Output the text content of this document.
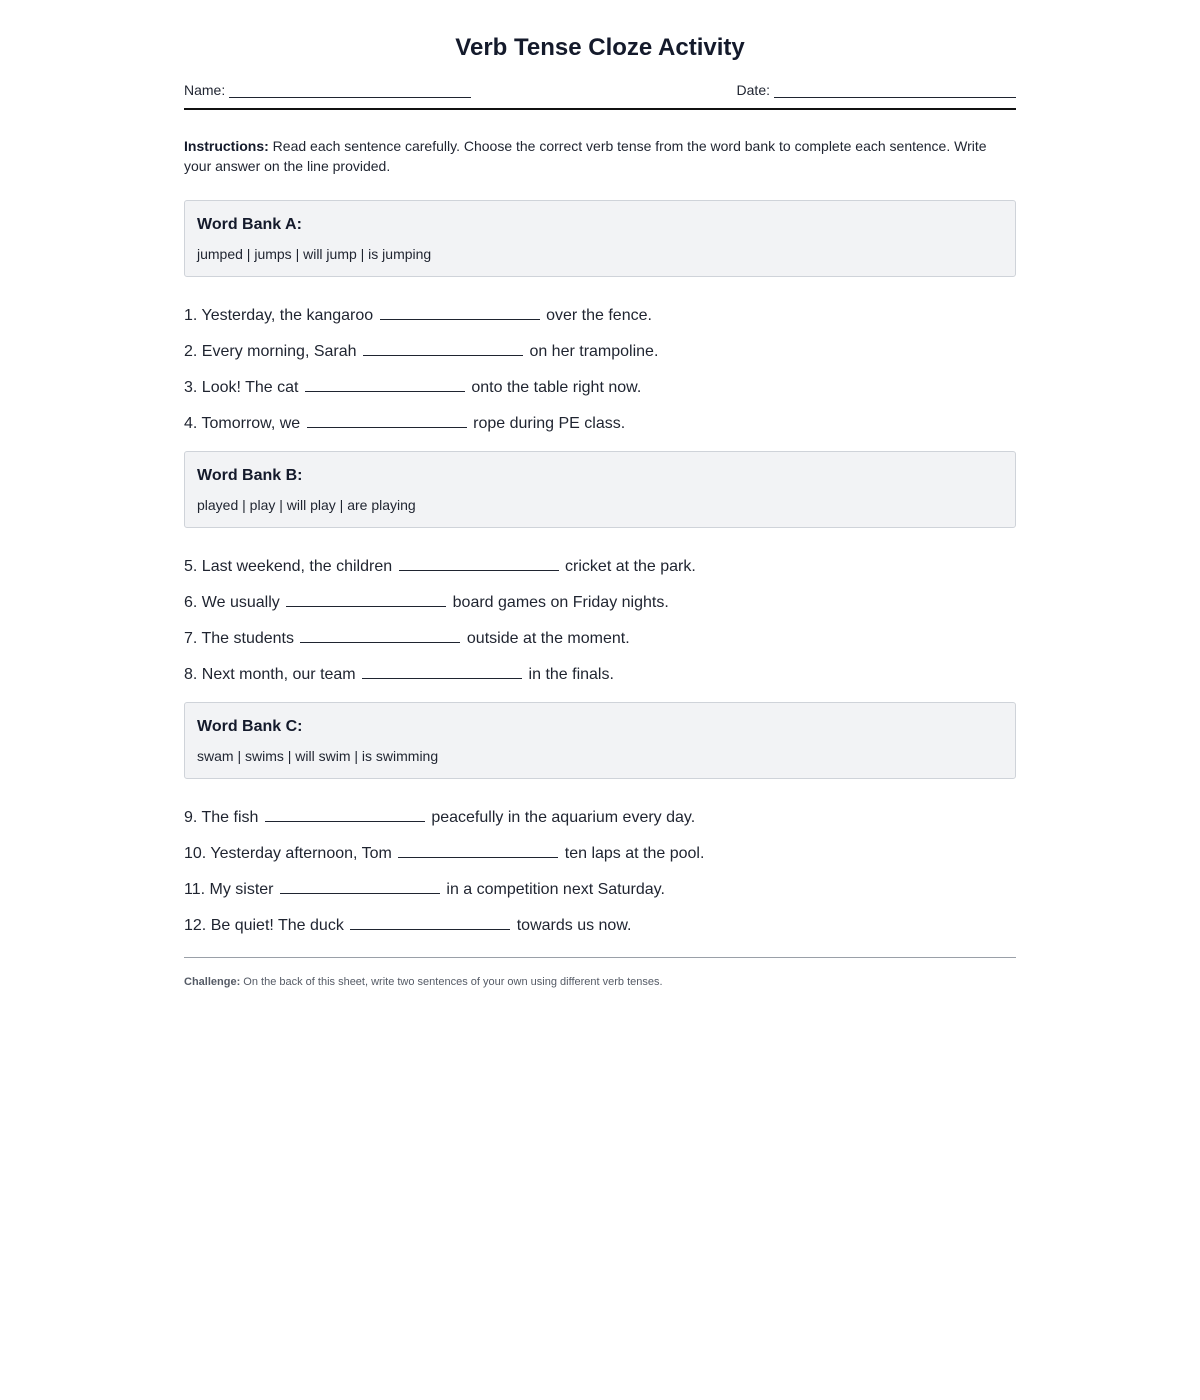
Verb Tense Cloze Activity
Name:	Date:
Instructions: Read each sentence carefully. Choose the correct verb tense from the word bank to complete each sentence. Write your answer on the line provided.
Word Bank A:
jumped | jumps | will jump | is jumping
1. Yesterday, the kangaroo	over the fence.
2. Every morning, Sarah	on her trampoline.
3. Look! The cat	onto the table right now.
4. Tomorrow, we	rope during PE class.
Word Bank B:
played | play | will play | are playing
5. Last weekend, the children	cricket at the park.
6. We usually	board games on Friday nights.
7. The students	outside at the moment.
8. Next month, our team	in the finals.
Word Bank C:
swam | swims | will swim | is swimming
9. The fish	peacefully in the aquarium every day.
10. Yesterday afternoon, Tom	ten laps at the pool.
11. My sister	in a competition next Saturday.
12. Be quiet! The duck	towards us now.
Challenge: On the back of this sheet, write two sentences of your own using different verb tenses.
